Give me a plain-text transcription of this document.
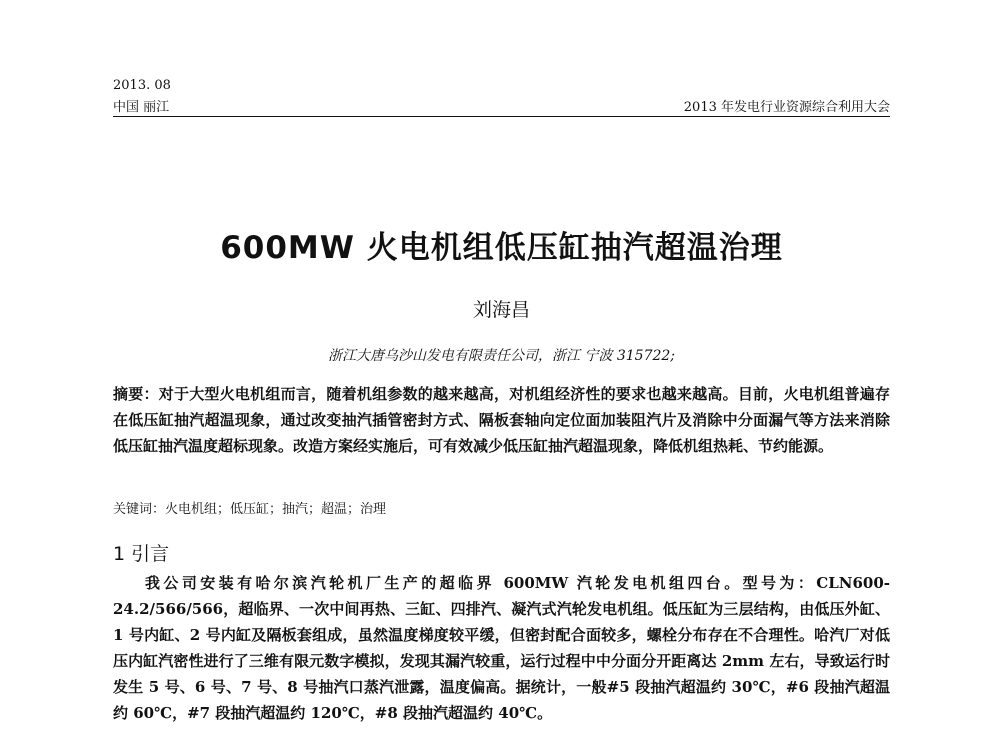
2013. 08
中国 丽江	2013 年发电行业资源综合利用大会
600MW 火电机组低压缸抽汽超温治理
刘海昌
浙江大唐乌沙山发电有限责任公司，浙江 宁波 315722;
摘要：对于大型火电机组而言，随着机组参数的越来越高，对机组经济性的要求也越来越高。目前，火电机组普遍存在低压缸抽汽超温现象，通过改变抽汽插管密封方式、隔板套轴向定位面加装阻汽片及消除中分面漏气等方法来消除低压缸抽汽温度超标现象。改造方案经实施后，可有效减少低压缸抽汽超温现象，降低机组热耗、节约能源。
关键词：火电机组；低压缸；抽汽；超温；治理
1 引言
我公司安装有哈尔滨汽轮机厂生产的超临界 600MW 汽轮发电机组四台。型号为：CLN600-24.2/566/566，超临界、一次中间再热、三缸、四排汽、凝汽式汽轮发电机组。低压缸为三层结构，由低压外缸、1 号内缸、2 号内缸及隔板套组成，虽然温度梯度较平缓，但密封配合面较多，螺栓分布存在不合理性。哈汽厂对低压内缸汽密性进行了三维有限元数字模拟，发现其漏汽较重，运行过程中中分面分开距离达 2mm 左右，导致运行时发生 5 号、6 号、7 号、8 号抽汽口蒸汽泄露，温度偏高。据统计，一般#5 段抽汽超温约 30℃，#6 段抽汽超温约 60℃，#7 段抽汽超温约 120℃，#8 段抽汽超温约 40℃。
